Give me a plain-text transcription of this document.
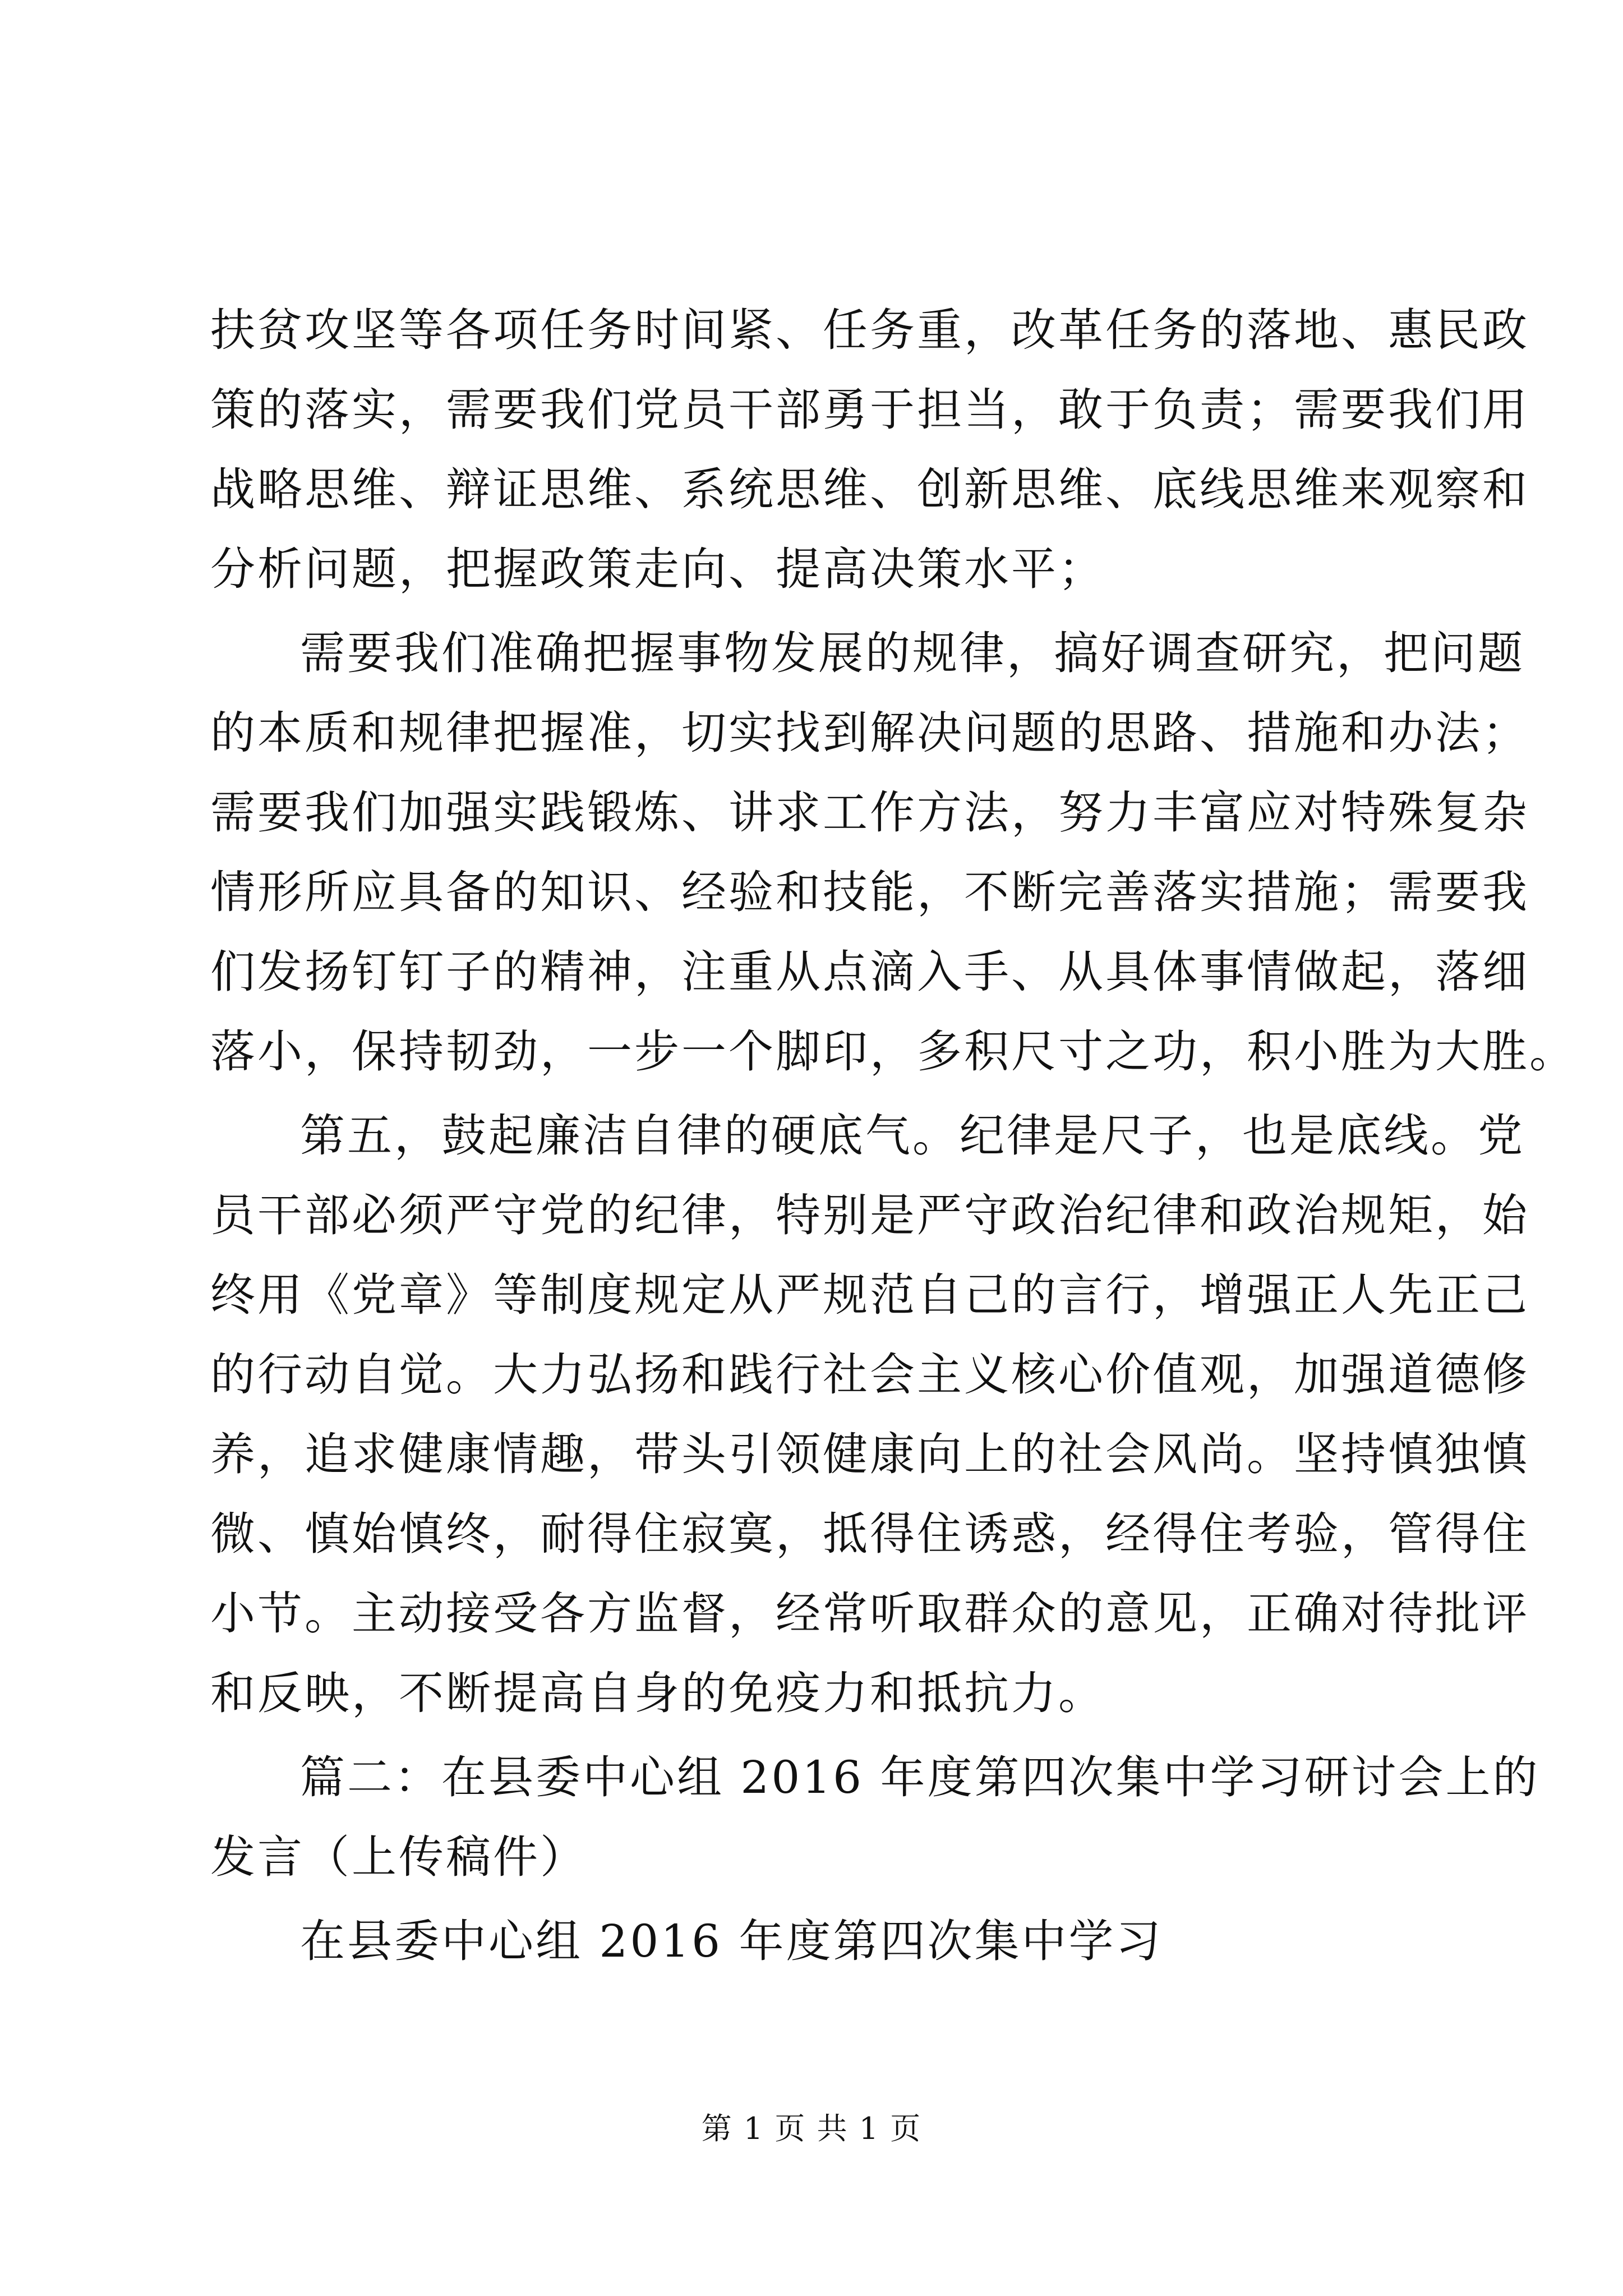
扶贫攻坚等各项任务时间紧、任务重，改革任务的落地、惠民政
策的落实，需要我们党员干部勇于担当，敢于负责；需要我们用
战略思维、辩证思维、系统思维、创新思维、底线思维来观察和
分析问题，把握政策走向、提高决策水平；
需要我们准确把握事物发展的规律，搞好调查研究，把问题
的本质和规律把握准，切实找到解决问题的思路、措施和办法；
需要我们加强实践锻炼、讲求工作方法，努力丰富应对特殊复杂
情形所应具备的知识、经验和技能，不断完善落实措施；需要我
们发扬钉钉子的精神，注重从点滴入手、从具体事情做起，落细
落小，保持韧劲，一步一个脚印，多积尺寸之功，积小胜为大胜。
第五，鼓起廉洁自律的硬底气。纪律是尺子，也是底线。党
员干部必须严守党的纪律，特别是严守政治纪律和政治规矩，始
终用《党章》等制度规定从严规范自己的言行，增强正人先正己
的行动自觉。大力弘扬和践行社会主义核心价值观，加强道德修
养，追求健康情趣，带头引领健康向上的社会风尚。坚持慎独慎
微、慎始慎终，耐得住寂寞，抵得住诱惑，经得住考验，管得住
小节。主动接受各方监督，经常听取群众的意见，正确对待批评
和反映，不断提高自身的免疫力和抵抗力。
篇二：在县委中心组 2016 年度第四次集中学习研讨会上的
发言（上传稿件）
在县委中心组 2016 年度第四次集中学习
第 1 页 共 1 页
